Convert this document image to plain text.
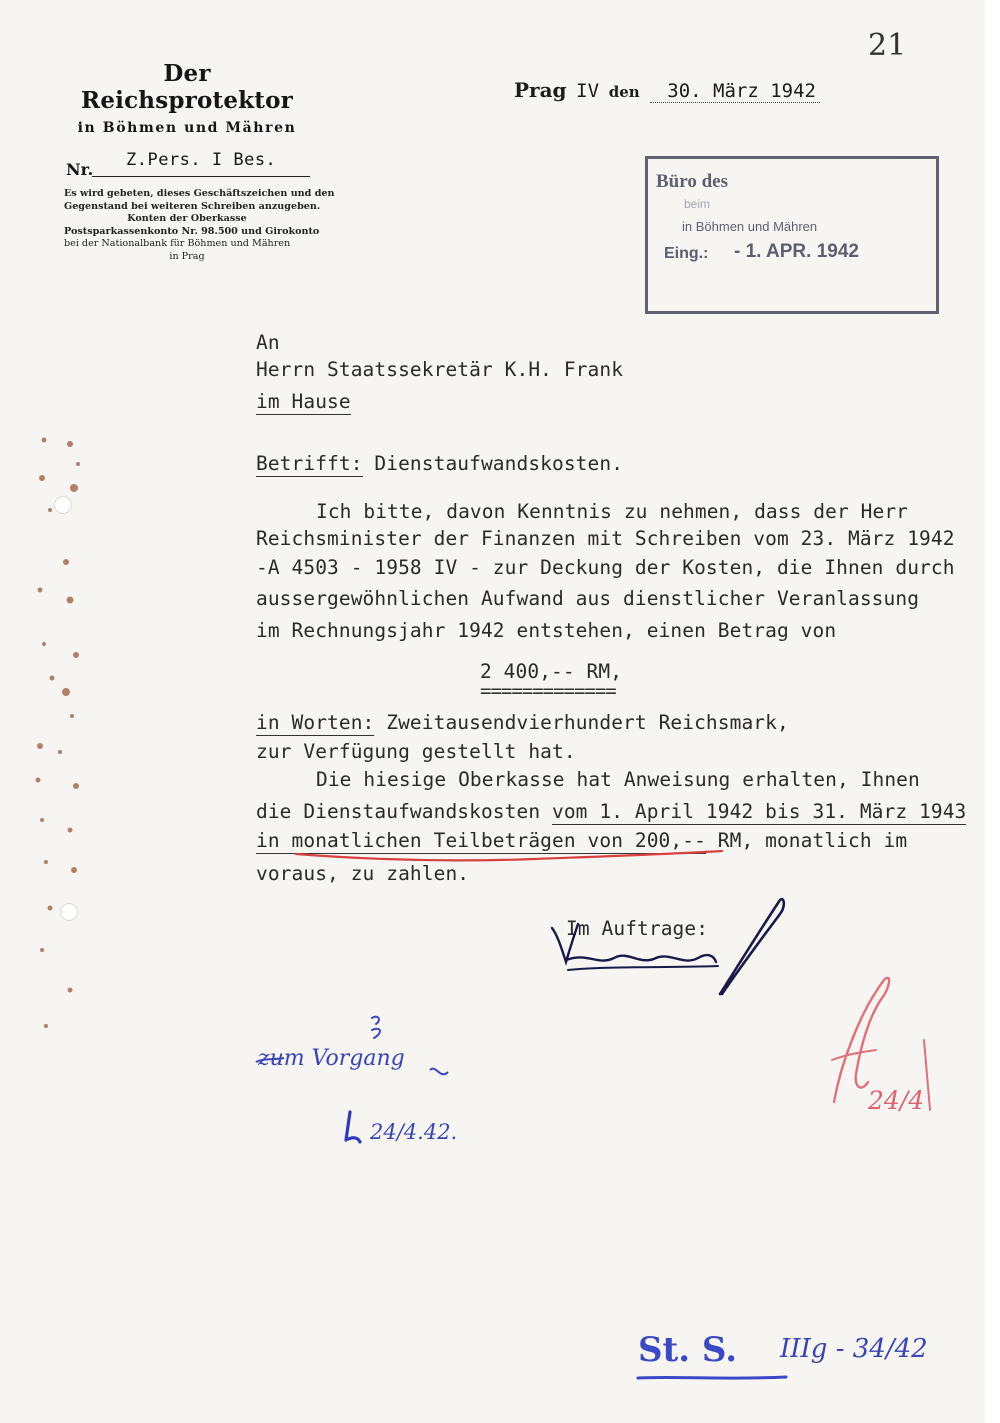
Der Reichsprotektor
in Böhmen und Mähren
Nr. Z.Pers. I Bes.
Es wird gebeten, dieses Geschäftszeichen und den
Gegenstand bei weiteren Schreiben anzugeben.
Konten der Oberkasse
Postsparkassenkonto Nr. 98.500 und Girokonto
bei der Nationalbank für Böhmen und Mähren
in Prag
21
Prag IV den 30. März 1942
Büro des
beim
in Böhmen und Mähren
Eing.: - 1. APR. 1942
An
Herrn Staatssekretär K.H. Frank
im Hause
Betrifft: Dienstaufwandskosten.
Ich bitte, davon Kenntnis zu nehmen, dass der Herr
Reichsminister der Finanzen mit Schreiben vom 23. März 1942
-A 4503 - 1958 IV - zur Deckung der Kosten, die Ihnen durch
aussergewöhnlichen Aufwand aus dienstlicher Veranlassung
im Rechnungsjahr 1942 entstehen, einen Betrag von
2 400,-- RM,
=============
in Worten: Zweitausendvierhundert Reichsmark,
zur Verfügung gestellt hat.
Die hiesige Oberkasse hat Anweisung erhalten, Ihnen
die Dienstaufwandskosten vom 1. April 1942 bis 31. März 1943
in monatlichen Teilbeträgen von 200,-- RM, monatlich im
voraus, zu zahlen.
Im Auftrage:
zum Vorgang
24/4.42.
24/4
St. S. IIIg - 34/42
